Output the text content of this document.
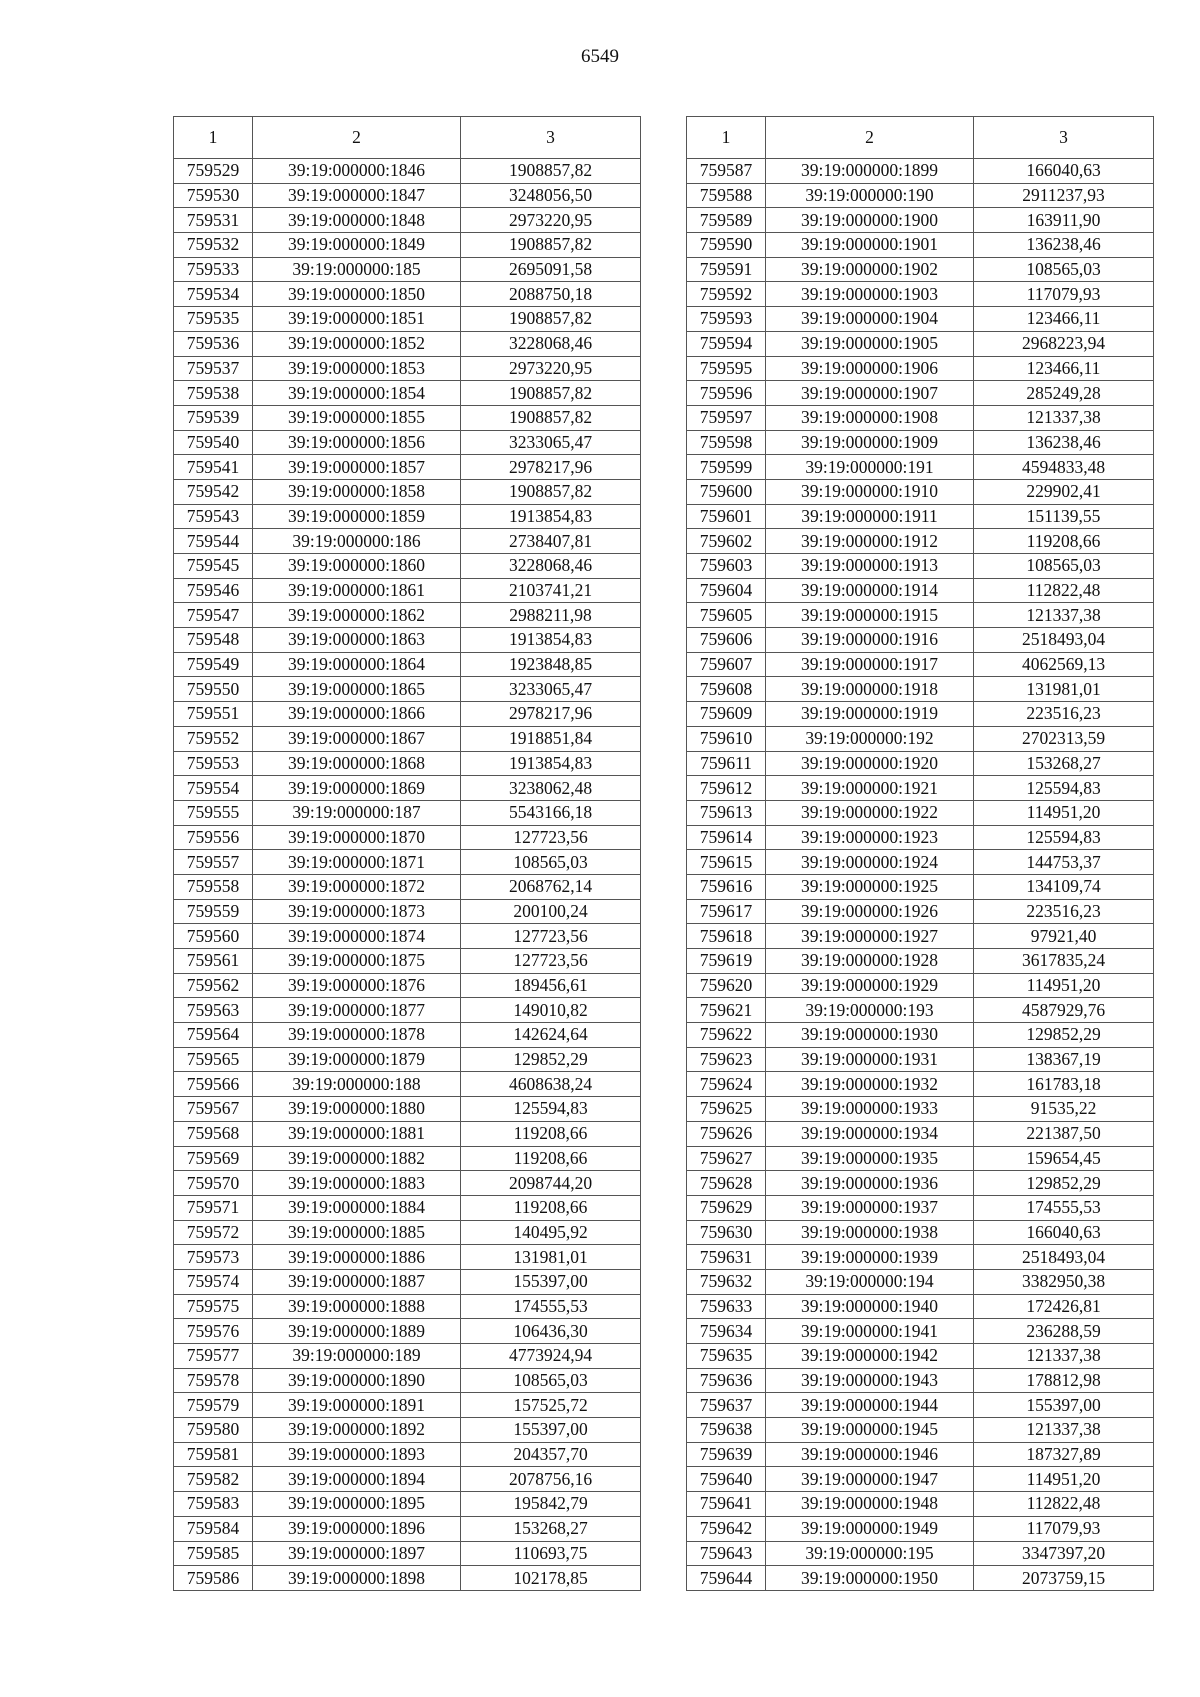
6549
1	2	3
759529	39:19:000000:1846	1908857,82
759530	39:19:000000:1847	3248056,50
759531	39:19:000000:1848	2973220,95
759532	39:19:000000:1849	1908857,82
759533	39:19:000000:185	2695091,58
759534	39:19:000000:1850	2088750,18
759535	39:19:000000:1851	1908857,82
759536	39:19:000000:1852	3228068,46
759537	39:19:000000:1853	2973220,95
759538	39:19:000000:1854	1908857,82
759539	39:19:000000:1855	1908857,82
759540	39:19:000000:1856	3233065,47
759541	39:19:000000:1857	2978217,96
759542	39:19:000000:1858	1908857,82
759543	39:19:000000:1859	1913854,83
759544	39:19:000000:186	2738407,81
759545	39:19:000000:1860	3228068,46
759546	39:19:000000:1861	2103741,21
759547	39:19:000000:1862	2988211,98
759548	39:19:000000:1863	1913854,83
759549	39:19:000000:1864	1923848,85
759550	39:19:000000:1865	3233065,47
759551	39:19:000000:1866	2978217,96
759552	39:19:000000:1867	1918851,84
759553	39:19:000000:1868	1913854,83
759554	39:19:000000:1869	3238062,48
759555	39:19:000000:187	5543166,18
759556	39:19:000000:1870	127723,56
759557	39:19:000000:1871	108565,03
759558	39:19:000000:1872	2068762,14
759559	39:19:000000:1873	200100,24
759560	39:19:000000:1874	127723,56
759561	39:19:000000:1875	127723,56
759562	39:19:000000:1876	189456,61
759563	39:19:000000:1877	149010,82
759564	39:19:000000:1878	142624,64
759565	39:19:000000:1879	129852,29
759566	39:19:000000:188	4608638,24
759567	39:19:000000:1880	125594,83
759568	39:19:000000:1881	119208,66
759569	39:19:000000:1882	119208,66
759570	39:19:000000:1883	2098744,20
759571	39:19:000000:1884	119208,66
759572	39:19:000000:1885	140495,92
759573	39:19:000000:1886	131981,01
759574	39:19:000000:1887	155397,00
759575	39:19:000000:1888	174555,53
759576	39:19:000000:1889	106436,30
759577	39:19:000000:189	4773924,94
759578	39:19:000000:1890	108565,03
759579	39:19:000000:1891	157525,72
759580	39:19:000000:1892	155397,00
759581	39:19:000000:1893	204357,70
759582	39:19:000000:1894	2078756,16
759583	39:19:000000:1895	195842,79
759584	39:19:000000:1896	153268,27
759585	39:19:000000:1897	110693,75
759586	39:19:000000:1898	102178,85
1	2	3
759587	39:19:000000:1899	166040,63
759588	39:19:000000:190	2911237,93
759589	39:19:000000:1900	163911,90
759590	39:19:000000:1901	136238,46
759591	39:19:000000:1902	108565,03
759592	39:19:000000:1903	117079,93
759593	39:19:000000:1904	123466,11
759594	39:19:000000:1905	2968223,94
759595	39:19:000000:1906	123466,11
759596	39:19:000000:1907	285249,28
759597	39:19:000000:1908	121337,38
759598	39:19:000000:1909	136238,46
759599	39:19:000000:191	4594833,48
759600	39:19:000000:1910	229902,41
759601	39:19:000000:1911	151139,55
759602	39:19:000000:1912	119208,66
759603	39:19:000000:1913	108565,03
759604	39:19:000000:1914	112822,48
759605	39:19:000000:1915	121337,38
759606	39:19:000000:1916	2518493,04
759607	39:19:000000:1917	4062569,13
759608	39:19:000000:1918	131981,01
759609	39:19:000000:1919	223516,23
759610	39:19:000000:192	2702313,59
759611	39:19:000000:1920	153268,27
759612	39:19:000000:1921	125594,83
759613	39:19:000000:1922	114951,20
759614	39:19:000000:1923	125594,83
759615	39:19:000000:1924	144753,37
759616	39:19:000000:1925	134109,74
759617	39:19:000000:1926	223516,23
759618	39:19:000000:1927	97921,40
759619	39:19:000000:1928	3617835,24
759620	39:19:000000:1929	114951,20
759621	39:19:000000:193	4587929,76
759622	39:19:000000:1930	129852,29
759623	39:19:000000:1931	138367,19
759624	39:19:000000:1932	161783,18
759625	39:19:000000:1933	91535,22
759626	39:19:000000:1934	221387,50
759627	39:19:000000:1935	159654,45
759628	39:19:000000:1936	129852,29
759629	39:19:000000:1937	174555,53
759630	39:19:000000:1938	166040,63
759631	39:19:000000:1939	2518493,04
759632	39:19:000000:194	3382950,38
759633	39:19:000000:1940	172426,81
759634	39:19:000000:1941	236288,59
759635	39:19:000000:1942	121337,38
759636	39:19:000000:1943	178812,98
759637	39:19:000000:1944	155397,00
759638	39:19:000000:1945	121337,38
759639	39:19:000000:1946	187327,89
759640	39:19:000000:1947	114951,20
759641	39:19:000000:1948	112822,48
759642	39:19:000000:1949	117079,93
759643	39:19:000000:195	3347397,20
759644	39:19:000000:1950	2073759,15
